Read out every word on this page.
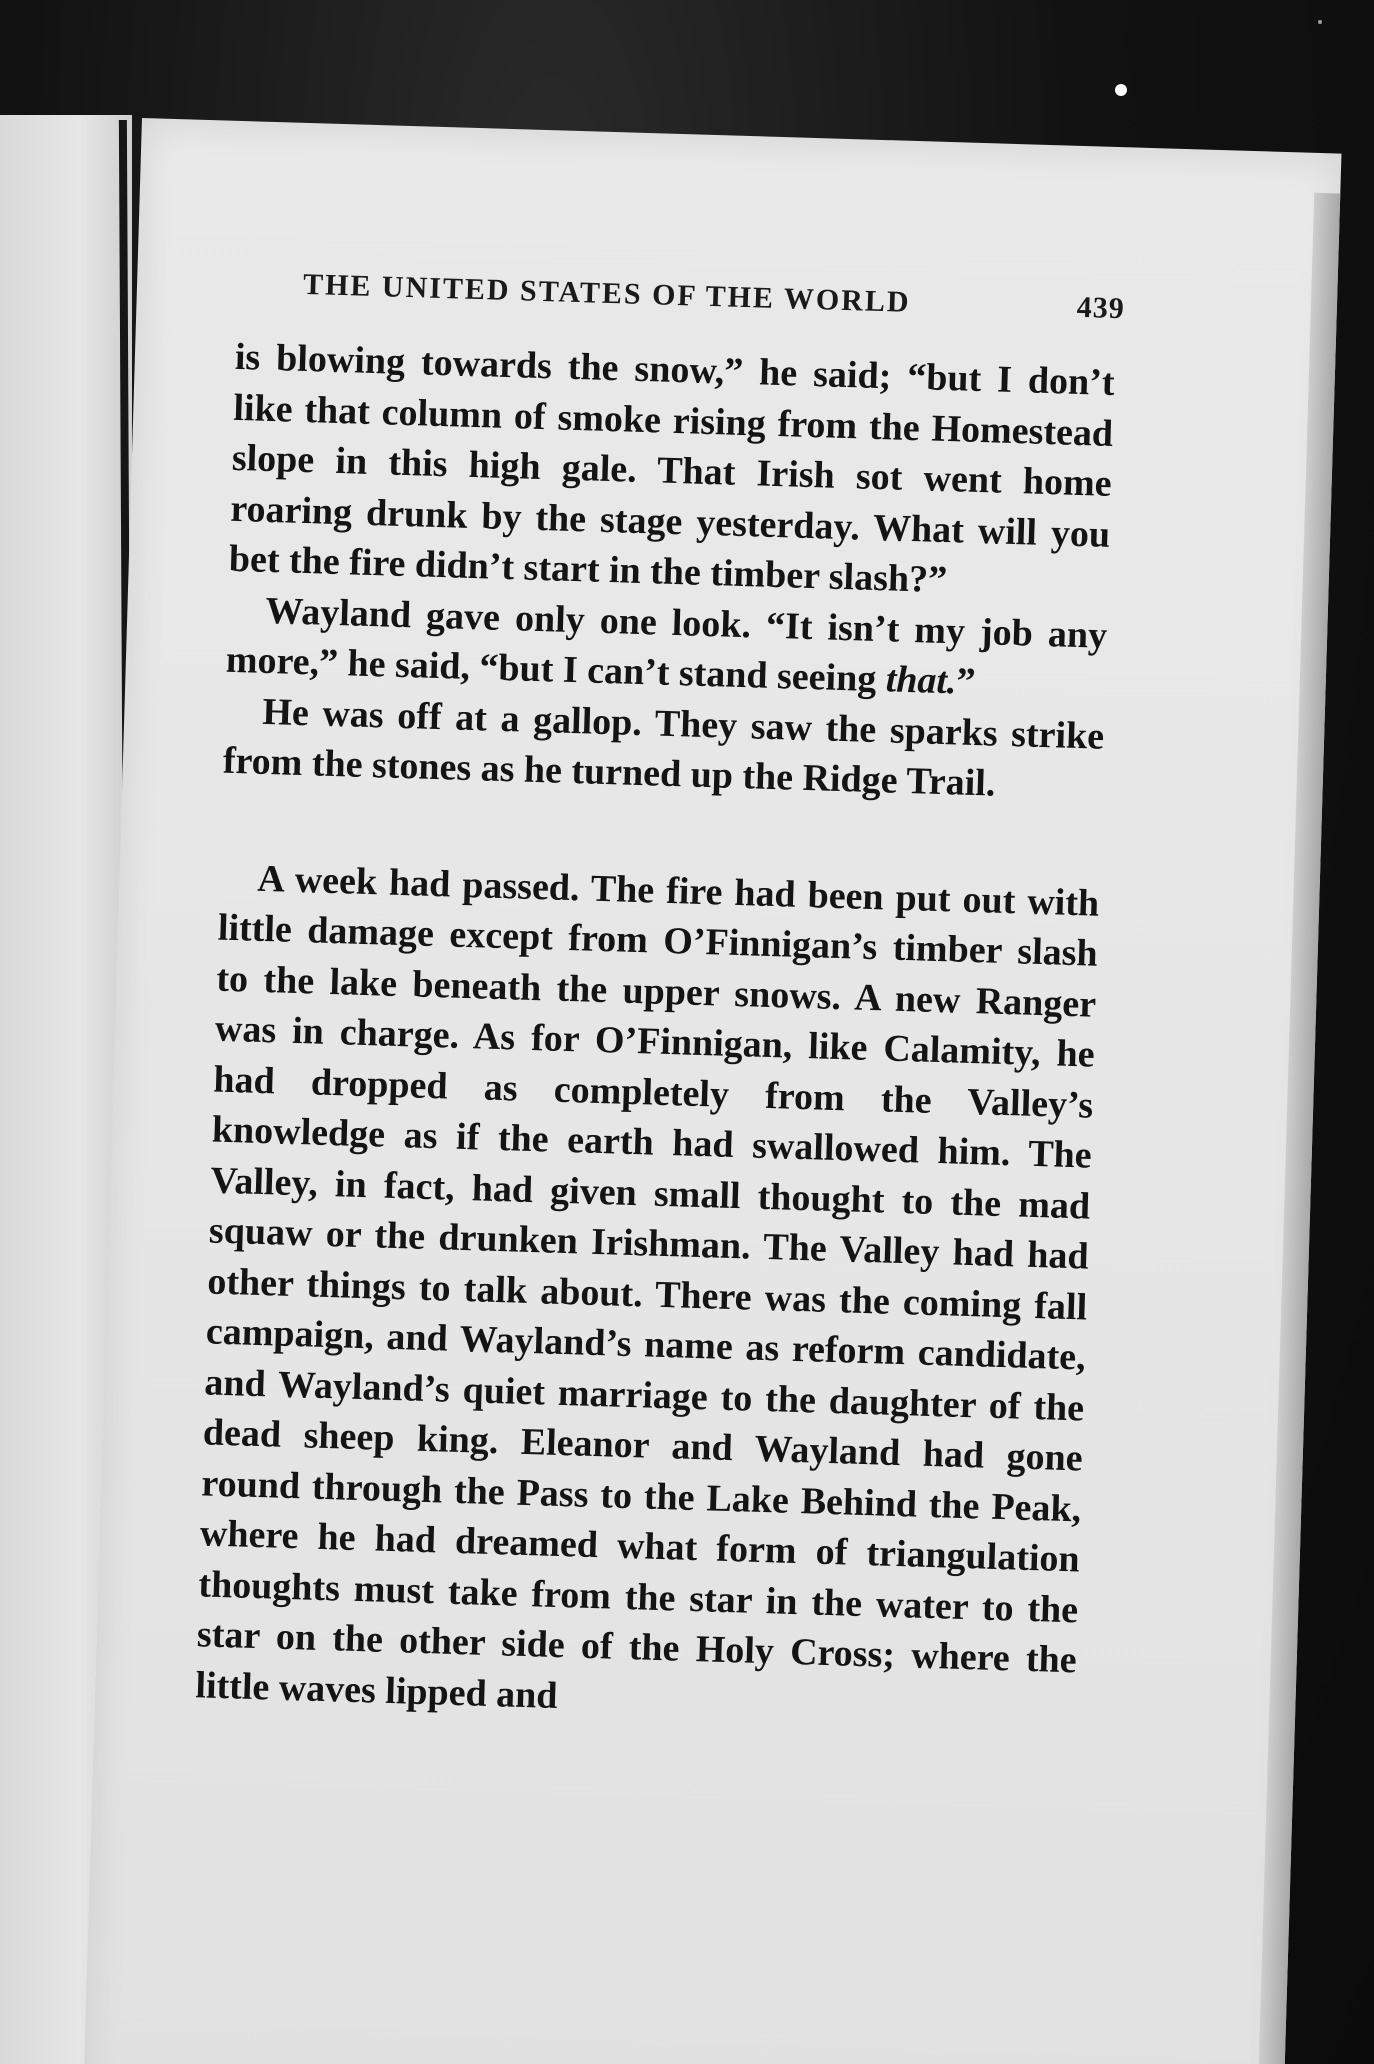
THE UNITED STATES OF THE WORLD	439

is blowing towards the snow,” he said; “but I don’t like that column of smoke rising from the Homestead slope in this high gale. That Irish sot went home roaring drunk by the stage yesterday. What will you bet the fire didn’t start in the timber slash?”

Wayland gave only one look. “It isn’t my job any more,” he said, “but I can’t stand seeing that.”

He was off at a gallop. They saw the sparks strike from the stones as he turned up the Ridge Trail.

A week had passed. The fire had been put out with little damage except from O’Finnigan’s timber slash to the lake beneath the upper snows. A new Ranger was in charge. As for O’Finnigan, like Calamity, he had dropped as completely from the Valley’s knowledge as if the earth had swallowed him. The Valley, in fact, had given small thought to the mad squaw or the drunken Irishman. The Valley had had other things to talk about. There was the coming fall campaign, and Wayland’s name as reform candidate, and Wayland’s quiet marriage to the daughter of the dead sheep king. Eleanor and Wayland had gone round through the Pass to the Lake Behind the Peak, where he had dreamed what form of triangulation thoughts must take from the star in the water to the star on the other side of the Holy Cross; where the little waves lipped and
